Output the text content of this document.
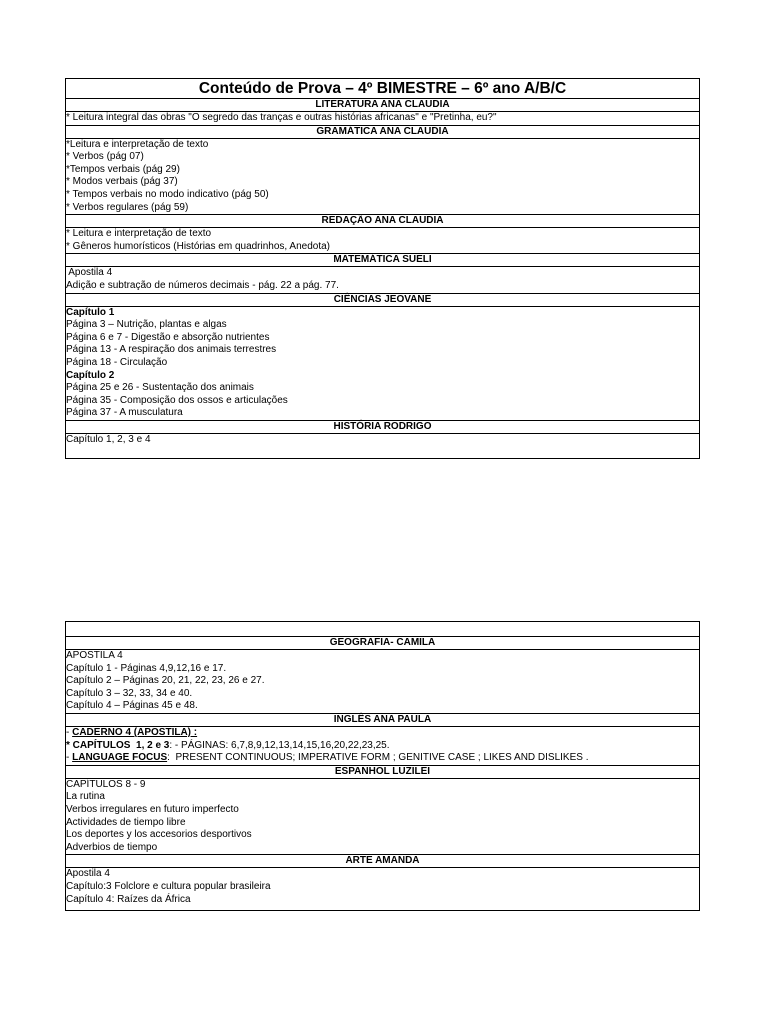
Conteúdo de Prova – 4º BIMESTRE – 6º ano A/B/C
LITERATURA ANA CLAUDIA
* Leitura integral das obras "O segredo das tranças e outras histórias africanas" e "Pretinha, eu?"
GRAMÁTICA ANA CLAUDIA
*Leitura e interpretação de texto
* Verbos (pág 07)
*Tempos verbais (pág 29)
* Modos verbais (pág 37)
* Tempos verbais no modo indicativo (pág 50)
* Verbos regulares (pág 59)
REDAÇÃO ANA CLAUDIA
* Leitura e interpretação de texto
* Gêneros humorísticos (Histórias em quadrinhos, Anedota)
MATEMÁTICA SUELI
Apostila 4
Adição e subtração de números decimais - pág. 22 a pág. 77.
CIÊNCIAS JEOVANE
Capítulo 1
Página 3 – Nutrição, plantas e algas
Página 6 e 7 - Digestão e absorção nutrientes
Página 13 - A respiração dos animais terrestres
Página 18 - Circulação
Capítulo 2
Página 25 e 26 - Sustentação dos animais
Página 35 - Composição dos ossos e articulações
Página 37 - A musculatura
HISTÓRIA RODRIGO
Capítulo 1, 2, 3 e 4
GEOGRAFIA- CAMILA
APOSTILA 4
Capítulo 1 - Páginas 4,9,12,16 e 17.
Capítulo 2 – Páginas 20, 21, 22, 23, 26 e 27.
Capítulo 3 – 32, 33, 34 e 40.
Capítulo 4 – Páginas 45 e 48.
INGLÊS ANA PAULA
- CADERNO 4 (APOSTILA) :
* CAPÍTULOS  1, 2 e 3: - PÁGINAS: 6,7,8,9,12,13,14,15,16,20,22,23,25.
- LANGUAGE FOCUS:  PRESENT CONTINUOUS; IMPERATIVE FORM ; GENITIVE CASE ; LIKES AND DISLIKES .
ESPANHOL LUZILEI
CAPÍTULOS 8 - 9
La rutina
Verbos irregulares en futuro imperfecto
Actividades de tiempo libre
Los deportes y los accesorios desportivos
Adverbios de tiempo
ARTE AMANDA
Apostila 4
Capítulo:3 Folclore e cultura popular brasileira
Capítulo 4: Raízes da África
